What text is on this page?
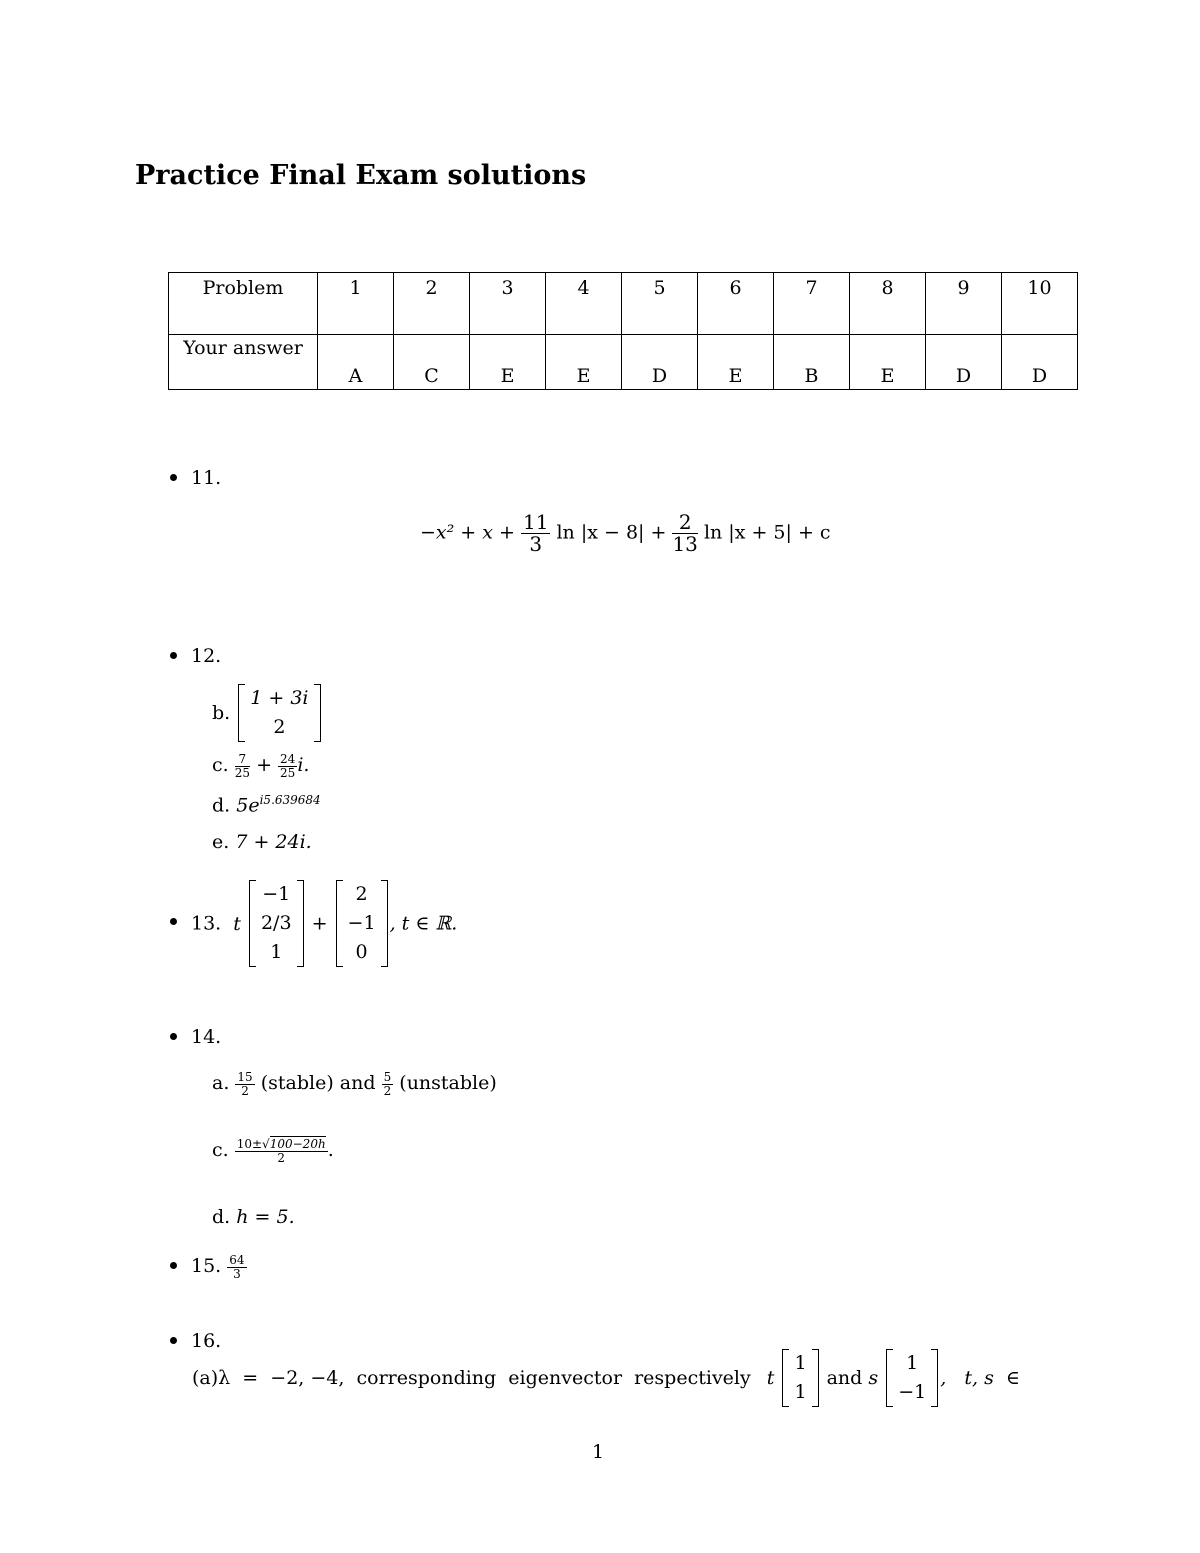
Practice Final Exam solutions
Problem	1	2	3	4	5	6	7	8	9	10
Your answer	A	C	E	E	D	E	B	E	D	D
11.
$-x^2 + x + \frac{11}{3}$ $\ln |x - 8| + \frac{2}{13}$ ln |x + 5| + c
12.
b.
1 + 3i
2
c. $\frac{7}{25} + \frac{24}{25} i$.
d. $5e^{i5.639684}$
e. 7 + 24i.
13. t
−1
2/3
1
+
2
−1
0
, t ∈ ℝ.
14.
a. $\frac{15}{2}$ (stable) and $\frac{5}{2}$ (unstable)
c. $\frac{10\pm√100-20h}{2}$ .
d. h = 5.
15. $\frac{64}{3}$
16.
(a)λ  =  −2, −4,  corresponding  eigenvector  respectively t
1
1
and s
1
−1
,   t, s  ∈
1
